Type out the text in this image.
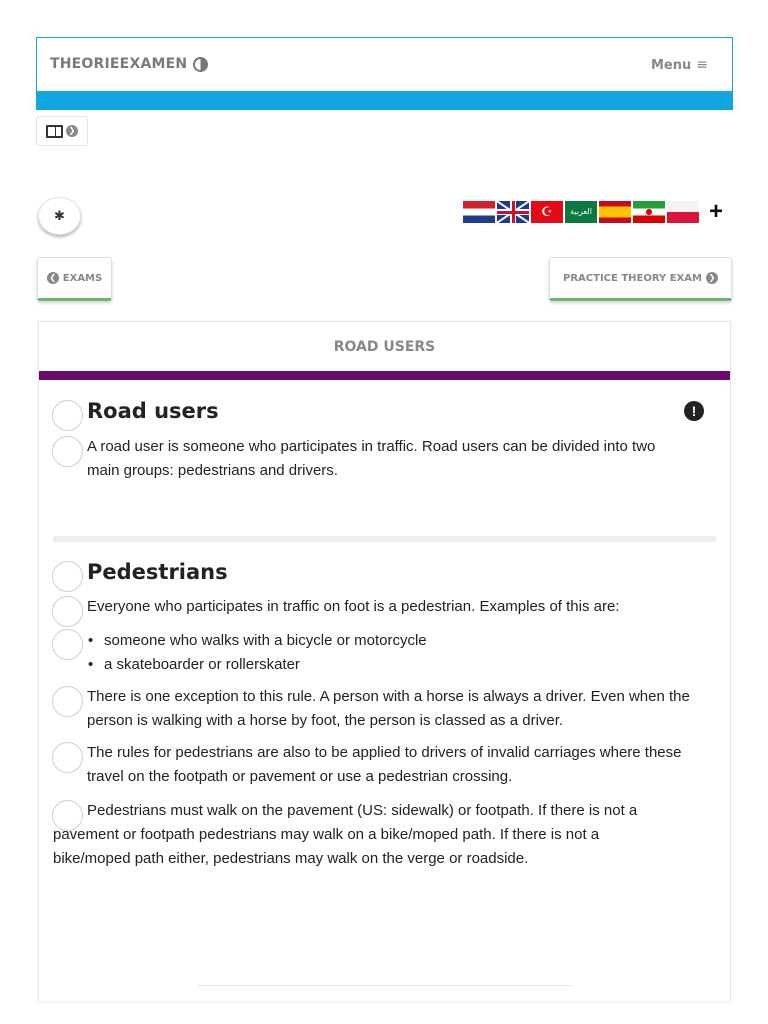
THEORIEEXAMEN	Menu ≡
❯
✱	☪	العربية	+
❮ EXAMS	PRACTICE THEORY EXAM ❯
ROAD USERS
Road users	!
A road user is someone who participates in traffic. Road users can be divided into two main groups: pedestrians and drivers.
Pedestrians
Everyone who participates in traffic on foot is a pedestrian. Examples of this are:
• someone who walks with a bicycle or motorcycle
• a skateboarder or rollerskater
There is one exception to this rule. A person with a horse is always a driver. Even when the person is walking with a horse by foot, the person is classed as a driver.
The rules for pedestrians are also to be applied to drivers of invalid carriages where these travel on the footpath or pavement or use a pedestrian crossing.
Pedestrians must walk on the pavement (US: sidewalk) or footpath. If there is not a pavement or footpath pedestrians may walk on a bike/moped path. If there is not a bike/moped path either, pedestrians may walk on the verge or roadside.
